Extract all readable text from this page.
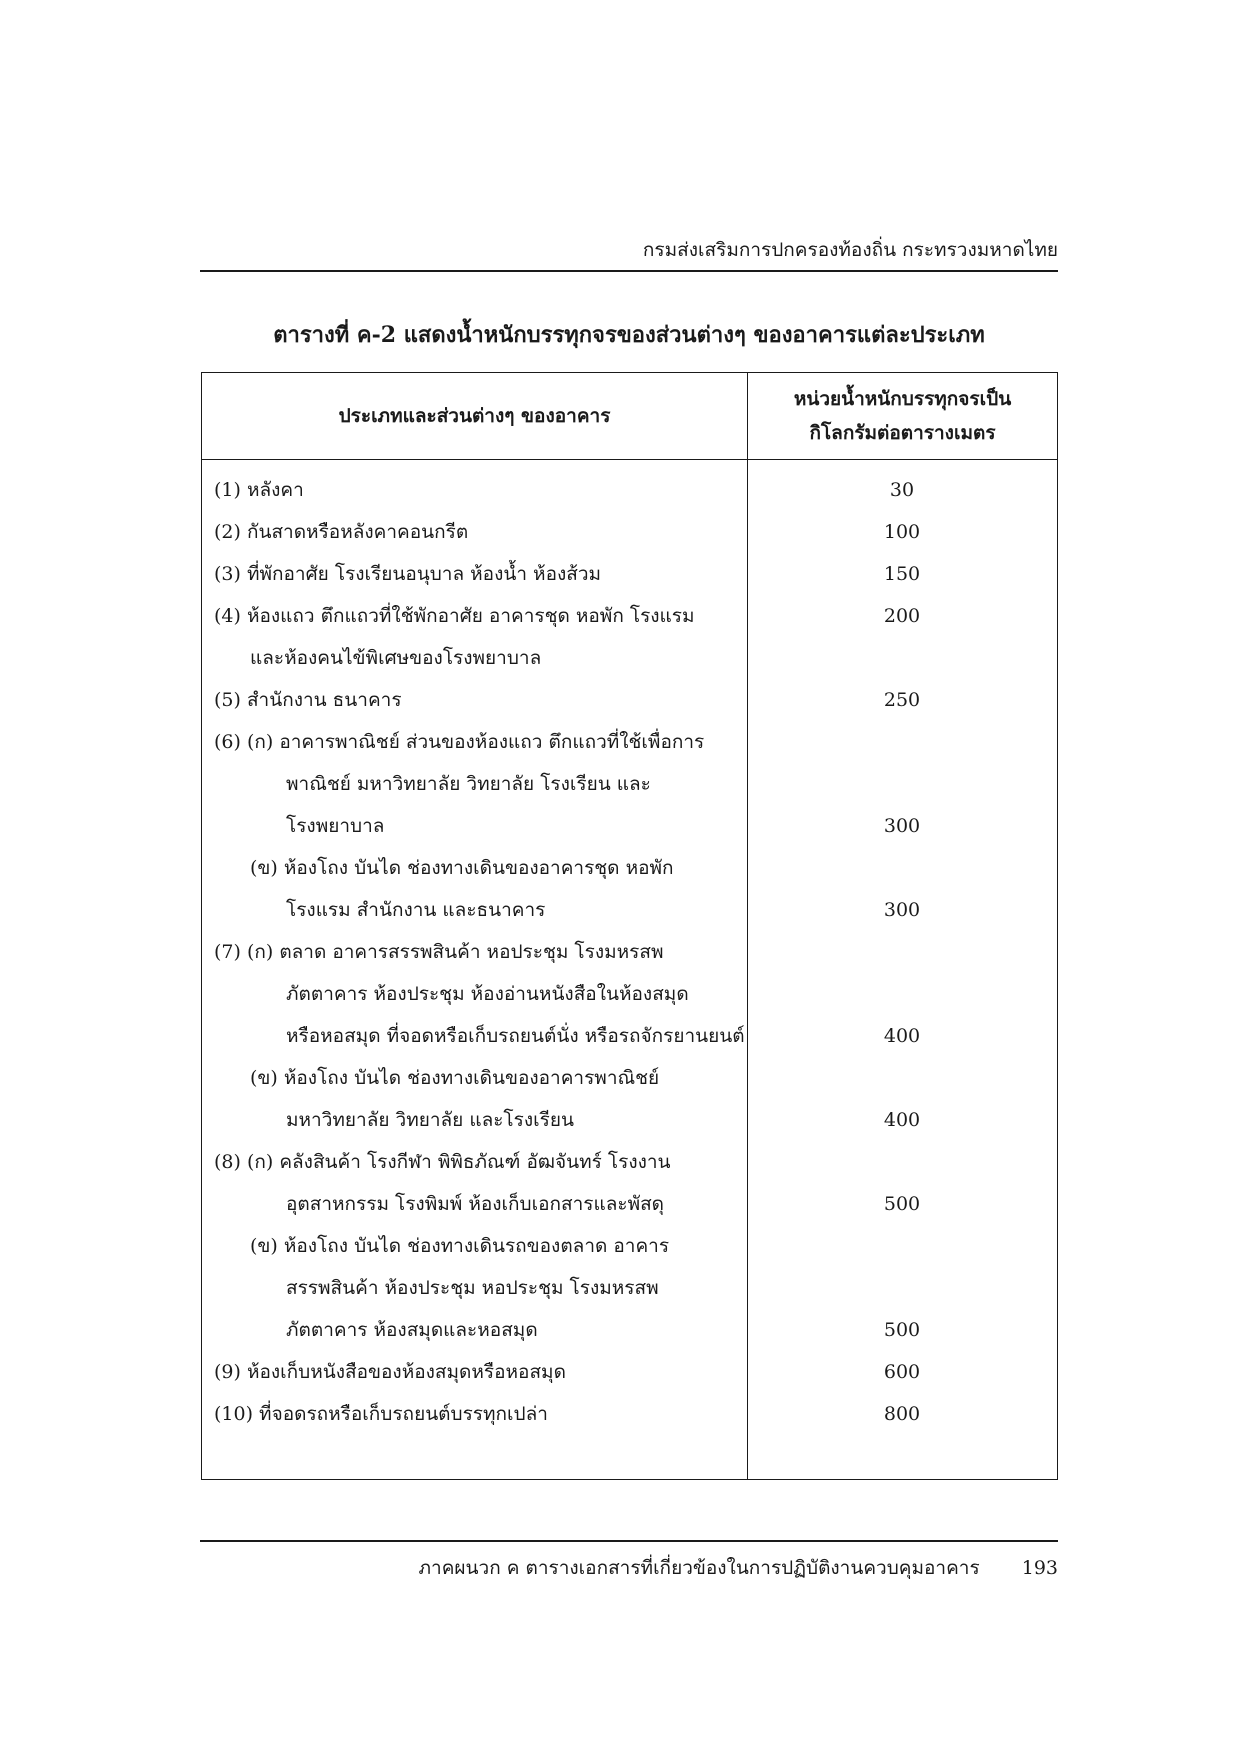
กรมส่งเสริมการปกครองท้องถิ่น กระทรวงมหาดไทย
ตารางที่ ค-2 แสดงน้ำหนักบรรทุกจรของส่วนต่างๆ ของอาคารแต่ละประเภท
ประเภทและส่วนต่างๆ ของอาคาร
หน่วยน้ำหนักบรรทุกจรเป็น
กิโลกรัมต่อตารางเมตร
(1) หลังคา	30
(2) กันสาดหรือหลังคาคอนกรีต	100
(3) ที่พักอาศัย โรงเรียนอนุบาล ห้องน้ำ ห้องส้วม	150
(4) ห้องแถว ตึกแถวที่ใช้พักอาศัย อาคารชุด หอพัก โรงแรม	200
และห้องคนไข้พิเศษของโรงพยาบาล
(5) สำนักงาน ธนาคาร	250
(6) (ก) อาคารพาณิชย์ ส่วนของห้องแถว ตึกแถวที่ใช้เพื่อการ
พาณิชย์ มหาวิทยาลัย วิทยาลัย โรงเรียน และ
โรงพยาบาล	300
(ข) ห้องโถง บันได ช่องทางเดินของอาคารชุด หอพัก
โรงแรม สำนักงาน และธนาคาร	300
(7) (ก) ตลาด อาคารสรรพสินค้า หอประชุม โรงมหรสพ
ภัตตาคาร ห้องประชุม ห้องอ่านหนังสือในห้องสมุด
หรือหอสมุด ที่จอดหรือเก็บรถยนต์นั่ง หรือรถจักรยานยนต์	400
(ข) ห้องโถง บันได ช่องทางเดินของอาคารพาณิชย์
มหาวิทยาลัย วิทยาลัย และโรงเรียน	400
(8) (ก) คลังสินค้า โรงกีฬา พิพิธภัณฑ์ อัฒจันทร์ โรงงาน
อุตสาหกรรม โรงพิมพ์ ห้องเก็บเอกสารและพัสดุ	500
(ข) ห้องโถง บันได ช่องทางเดินรถของตลาด อาคาร
สรรพสินค้า ห้องประชุม หอประชุม โรงมหรสพ
ภัตตาคาร ห้องสมุดและหอสมุด	500
(9) ห้องเก็บหนังสือของห้องสมุดหรือหอสมุด	600
(10) ที่จอดรถหรือเก็บรถยนต์บรรทุกเปล่า	800
ภาคผนวก ค ตารางเอกสารที่เกี่ยวข้องในการปฏิบัติงานควบคุมอาคาร 193
